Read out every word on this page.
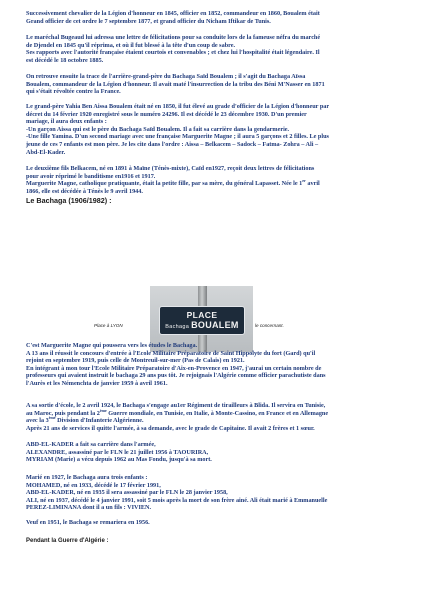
Successivement chevalier de la Légion d'honneur en 1845, officier en 1852, commandeur en 1860, Boualem était
Grand officier de cet ordre le 7 septembre 1877, et grand officier du Nicham Iftikar de Tunis.

Le maréchal Bugeaud lui adressa une lettre de félicitations pour sa conduite lors de la fameuse néfra du marché
de Djendel en 1845 qu'il réprima, et où il fut blessé à la tête d'un coup de sabre.
Ses rapports avec l'autorité française étaient courtois et convenables ; et chez lui l'hospitalité était légendaire. Il
est décédé le 18 octobre 1885.

On retrouve ensuite la trace de l'arrière-grand-père du Bachaga Saïd Boualem ; il s'agit du Bachaga Aïssa
Boualem, commandeur de la Légion d'honneur. Il avait maté l'insurrection de la tribu des Béni M'Nasser en 1871
qui s'était révoltée contre la France.

Le grand-père Yahia Ben Aissa Boualem était né en 1850, il fut élevé au grade d'officier de la Légion d'honneur par
décret du 14 février 1920 enregistré sous le numéro 24296. Il est décédé le 23 décembre 1930. D'un premier
mariage, il aura deux enfants :
-Un garçon Aissa qui est le père du Bachaga Saïd Boualem. Il a fait sa carrière dans la gendarmerie.
-Une fille Yamina. D'un second mariage avec une française Marguerite Magne ; il aura 5 garçons et 2 filles. Le plus
jeune de ces 7 enfants est mon père. Je les cite dans l'ordre : Aissa – Belkacem – Sadock – Fatma- Zohra – Ali –
Abd-El-Kader.

Le deuxième fils Belkacem, né en 1891 à Maïne (Ténès-mixte), Caïd en1927, reçoit deux lettres de félicitations
pour avoir réprimé le banditisme en1916 et 1917.
Marguerite Magne, catholique pratiquante, était la petite fille, par sa mère, du général Lapasset. Née le 1er avril
1866, elle est décédée à Ténès le 9 avril 1944.

Le Bachaga (1906/1982) :

PLACE
Bachaga BOUALEM

Place à LYON	le concernant.

C'est Marguerite Magne qui poussera vers les études le Bachaga.
A 13 ans il réussit le concours d'entrée à l'Ecole Militaire Préparatoire de Saint Hippolyte du fort (Gard) qu'il
rejoint en septembre 1919, puis celle de Montreuil-sur-mer (Pas de Calais) en 1921.
En intégrant à mon tour l'Ecole Militaire Préparatoire d'Aix-en-Provence en 1947, j'aurai un certain nombre de
professeurs qui avaient instruit le bachaga 29 ans pus tôt. Je rejoignais l'Algérie comme officier parachutiste dans
l'Aurès et les Némenchta de janvier 1959 à avril 1961.

A sa sortie d'école, le 2 avril 1924, le Bachaga s'engage au1er Régiment de tirailleurs à Blida. Il servira en Tunisie,
au Maroc, puis pendant la 2ème Guerre mondiale, en Tunisie, en Italie, à Monte-Cassino, en France et en Allemagne
avec la 3ème Division d'Infanterie Algérienne.
Après 21 ans de services il quitte l'armée, à sa demande, avec le grade de Capitaine. Il avait 2 frères et 1 sœur.

ABD-EL-KADER a fait sa carrière dans l'armée,
ALEXANDRE, assassiné par le FLN le 21 juillet 1956 à TAOURIRA,
MYRIAM (Marie) a vécu depuis 1962 au Mas Fondu, jusqu'à sa mort.

Marié en 1927, le Bachaga aura trois enfants :
MOHAMED, né en 1933, décédé le 17 février 1991,
ABD-EL-KADER, né en 1935 il sera assassiné par le FLN le 28 janvier 1958,
ALI, né en 1937, décédé le 4 janvier 1991, soit 5 mois après la mort de son frère ainé. Ali était marié à Emmanuelle
PEREZ-LIMINANA dont il a un fils : VIVIEN.

Veuf en 1951, le Bachaga se remariera en 1956.

Pendant la Guerre d'Algérie :
